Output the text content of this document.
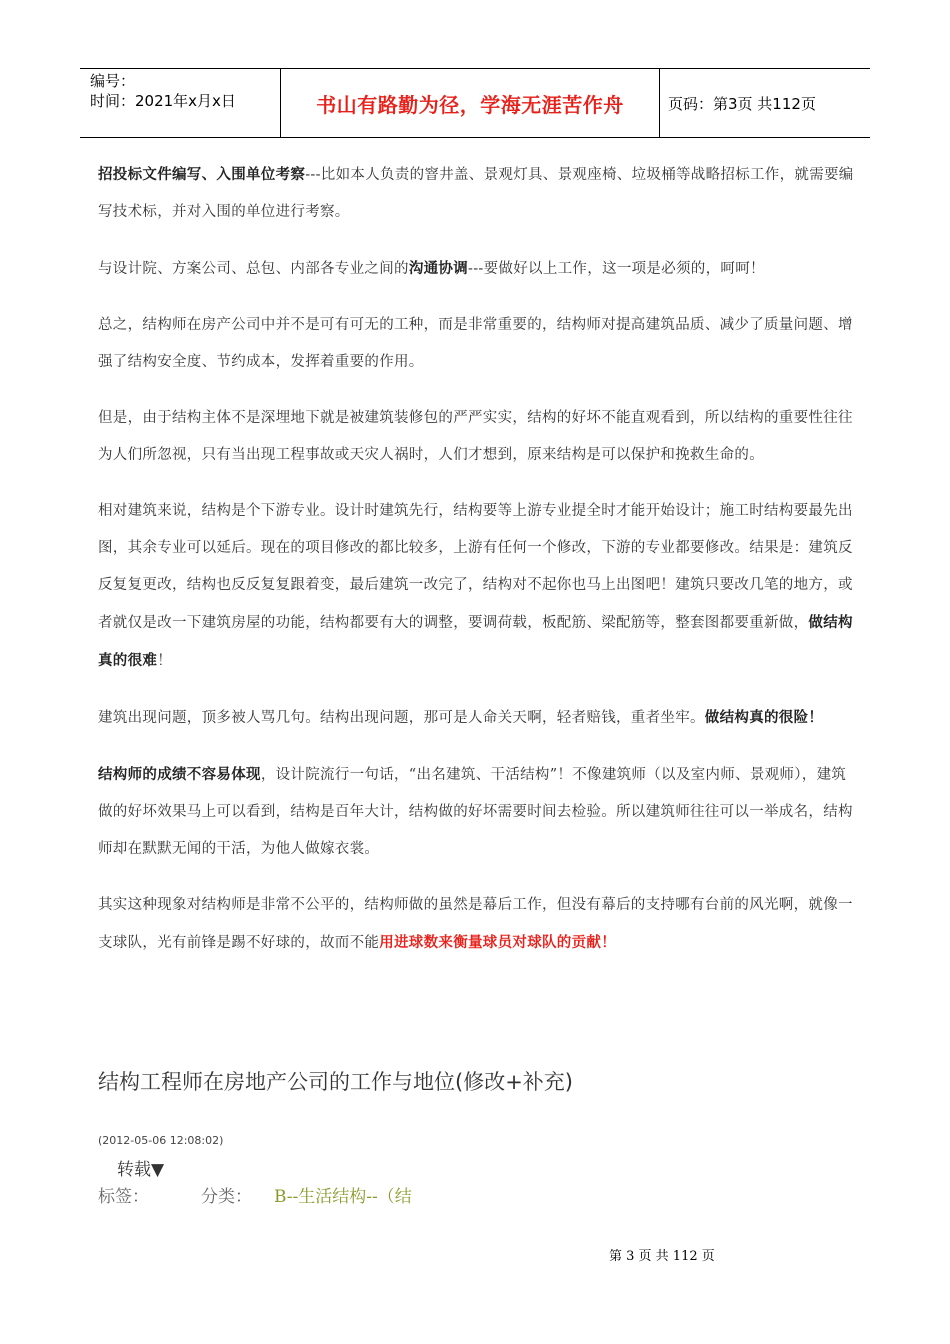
编号：
时间：2021年x月x日	书山有路勤为径，学海无涯苦作舟	页码：第3页 共112页

招投标文件编写、入围单位考察---比如本人负责的窨井盖、景观灯具、景观座椅、垃圾桶等战略招标工作，就需要编写技术标，并对入围的单位进行考察。

与设计院、方案公司、总包、内部各专业之间的沟通协调---要做好以上工作，这一项是必须的，呵呵！

总之，结构师在房产公司中并不是可有可无的工种，而是非常重要的，结构师对提高建筑品质、减少了质量问题、增强了结构安全度、节约成本，发挥着重要的作用。

但是，由于结构主体不是深埋地下就是被建筑装修包的严严实实，结构的好坏不能直观看到，所以结构的重要性往往为人们所忽视，只有当出现工程事故或天灾人祸时，人们才想到，原来结构是可以保护和挽救生命的。

相对建筑来说，结构是个下游专业。设计时建筑先行，结构要等上游专业提全时才能开始设计；施工时结构要最先出图，其余专业可以延后。现在的项目修改的都比较多，上游有任何一个修改，下游的专业都要修改。结果是：建筑反反复复更改，结构也反反复复跟着变，最后建筑一改完了，结构对不起你也马上出图吧！建筑只要改几笔的地方，或者就仅是改一下建筑房屋的功能，结构都要有大的调整，要调荷载，板配筋、梁配筋等，整套图都要重新做，做结构真的很难！

建筑出现问题，顶多被人骂几句。结构出现问题，那可是人命关天啊，轻者赔钱，重者坐牢。做结构真的很险！

结构师的成绩不容易体现，设计院流行一句话，“出名建筑、干活结构”！不像建筑师（以及室内师、景观师），建筑做的好坏效果马上可以看到，结构是百年大计，结构做的好坏需要时间去检验。所以建筑师往往可以一举成名，结构师却在默默无闻的干活，为他人做嫁衣裳。

其实这种现象对结构师是非常不公平的，结构师做的虽然是幕后工作，但没有幕后的支持哪有台前的风光啊，就像一支球队，光有前锋是踢不好球的，故而不能用进球数来衡量球员对球队的贡献！

结构工程师在房地产公司的工作与地位(修改+补充)
(2012-05-06 12:08:02)
转载▼
标签：	分类： B--生活结构--（结
第 3 页 共 112 页
